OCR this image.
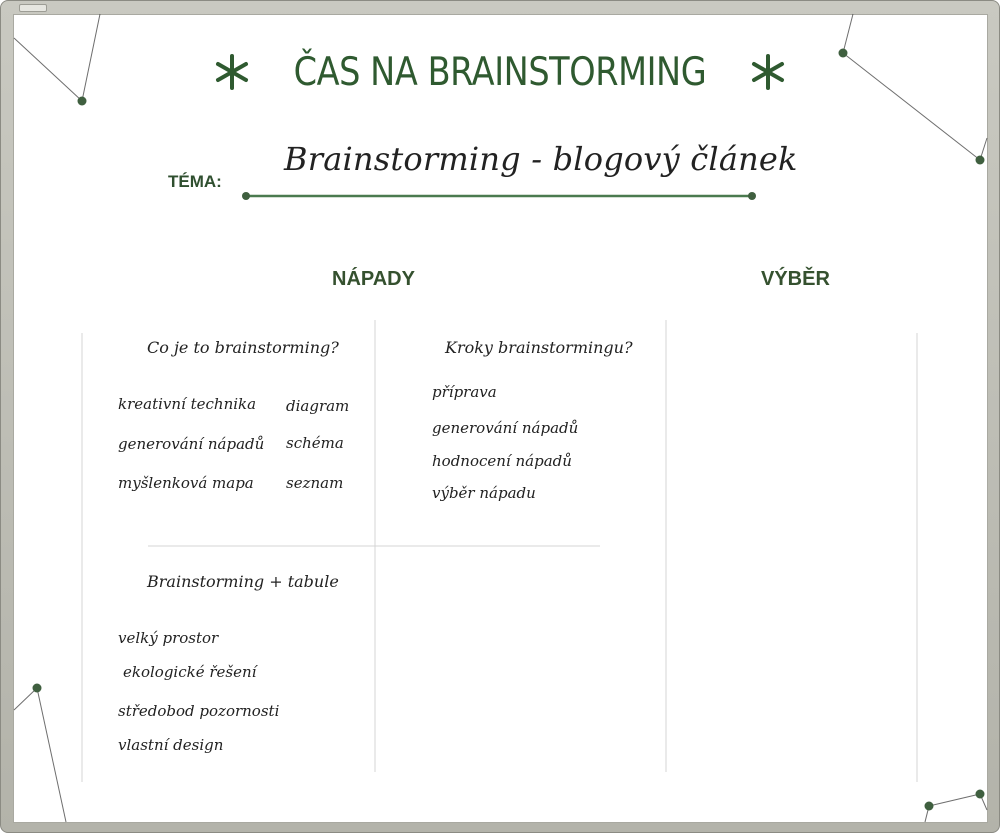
ČAS NA BRAINSTORMING
TÉMA:
Brainstorming - blogový článek
NÁPADY	VÝBĚR
Co je to brainstorming?
kreativní technika
generování nápadů
myšlenková mapa
diagram
schéma
seznam
Kroky brainstormingu?
příprava
generování nápadů
hodnocení nápadů
výběr nápadu
Brainstorming + tabule
velký prostor
ekologické řešení
středobod pozornosti
vlastní design
